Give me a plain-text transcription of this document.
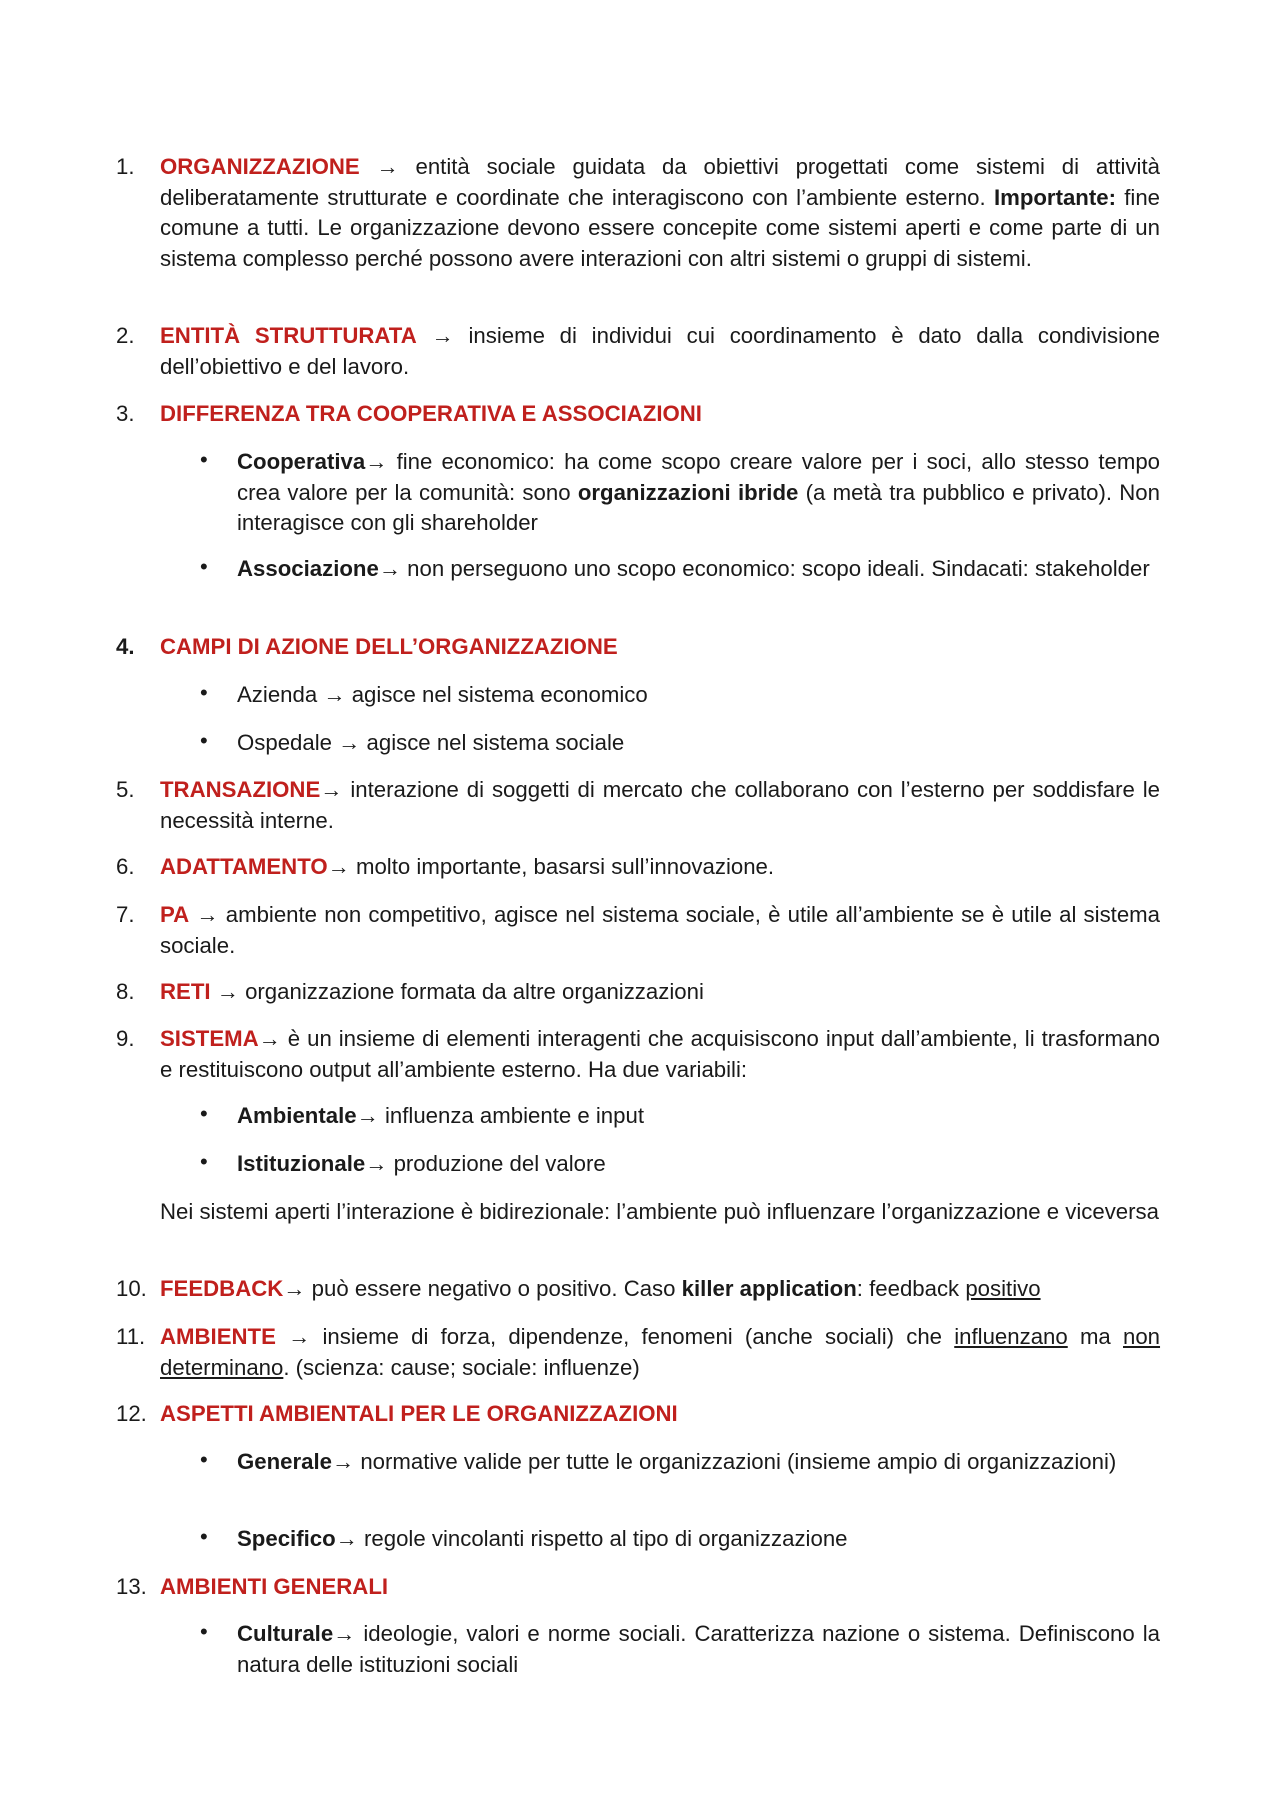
1.	ORGANIZZAZIONE → entità sociale guidata da obiettivi progettati come sistemi di attività deliberatamente strutturate e coordinate che interagiscono con l’ambiente esterno. Importante: fine comune a tutti. Le organizzazione devono essere concepite come sistemi aperti e come parte di un sistema complesso perché possono avere interazioni con altri sistemi o gruppi di sistemi.
2.	ENTITÀ STRUTTURATA → insieme di individui cui coordinamento è dato dalla condivisione dell’obiettivo e del lavoro.
3.	DIFFERENZA TRA COOPERATIVA E ASSOCIAZIONI
• Cooperativa→ fine economico: ha come scopo creare valore per i soci, allo stesso tempo crea valore per la comunità: sono organizzazioni ibride (a metà tra pubblico e privato). Non interagisce con gli shareholder
• Associazione→ non perseguono uno scopo economico: scopo ideali. Sindacati: stakeholder
4.	CAMPI DI AZIONE DELL’ORGANIZZAZIONE
• Azienda → agisce nel sistema economico
• Ospedale → agisce nel sistema sociale
5.	TRANSAZIONE→ interazione di soggetti di mercato che collaborano con l’esterno per soddisfare le necessità interne.
6.	ADATTAMENTO→ molto importante, basarsi sull’innovazione.
7.	PA → ambiente non competitivo, agisce nel sistema sociale, è utile all’ambiente se è utile al sistema sociale.
8.	RETI → organizzazione formata da altre organizzazioni
9.	SISTEMA→ è un insieme di elementi interagenti che acquisiscono input dall’ambiente, li trasformano e restituiscono output all’ambiente esterno. Ha due variabili:
• Ambientale→ influenza ambiente e input
• Istituzionale→ produzione del valore
Nei sistemi aperti l’interazione è bidirezionale: l’ambiente può influenzare l’organizzazione e viceversa
10. FEEDBACK→ può essere negativo o positivo. Caso killer application: feedback positivo
11. AMBIENTE → insieme di forza, dipendenze, fenomeni (anche sociali) che influenzano ma non determinano. (scienza: cause; sociale: influenze)
12. ASPETTI AMBIENTALI PER LE ORGANIZZAZIONI
• Generale→ normative valide per tutte le organizzazioni (insieme ampio di organizzazioni)
• Specifico→ regole vincolanti rispetto al tipo di organizzazione
13. AMBIENTI GENERALI
• Culturale→ ideologie, valori e norme sociali. Caratterizza nazione o sistema. Definiscono la natura delle istituzioni sociali
